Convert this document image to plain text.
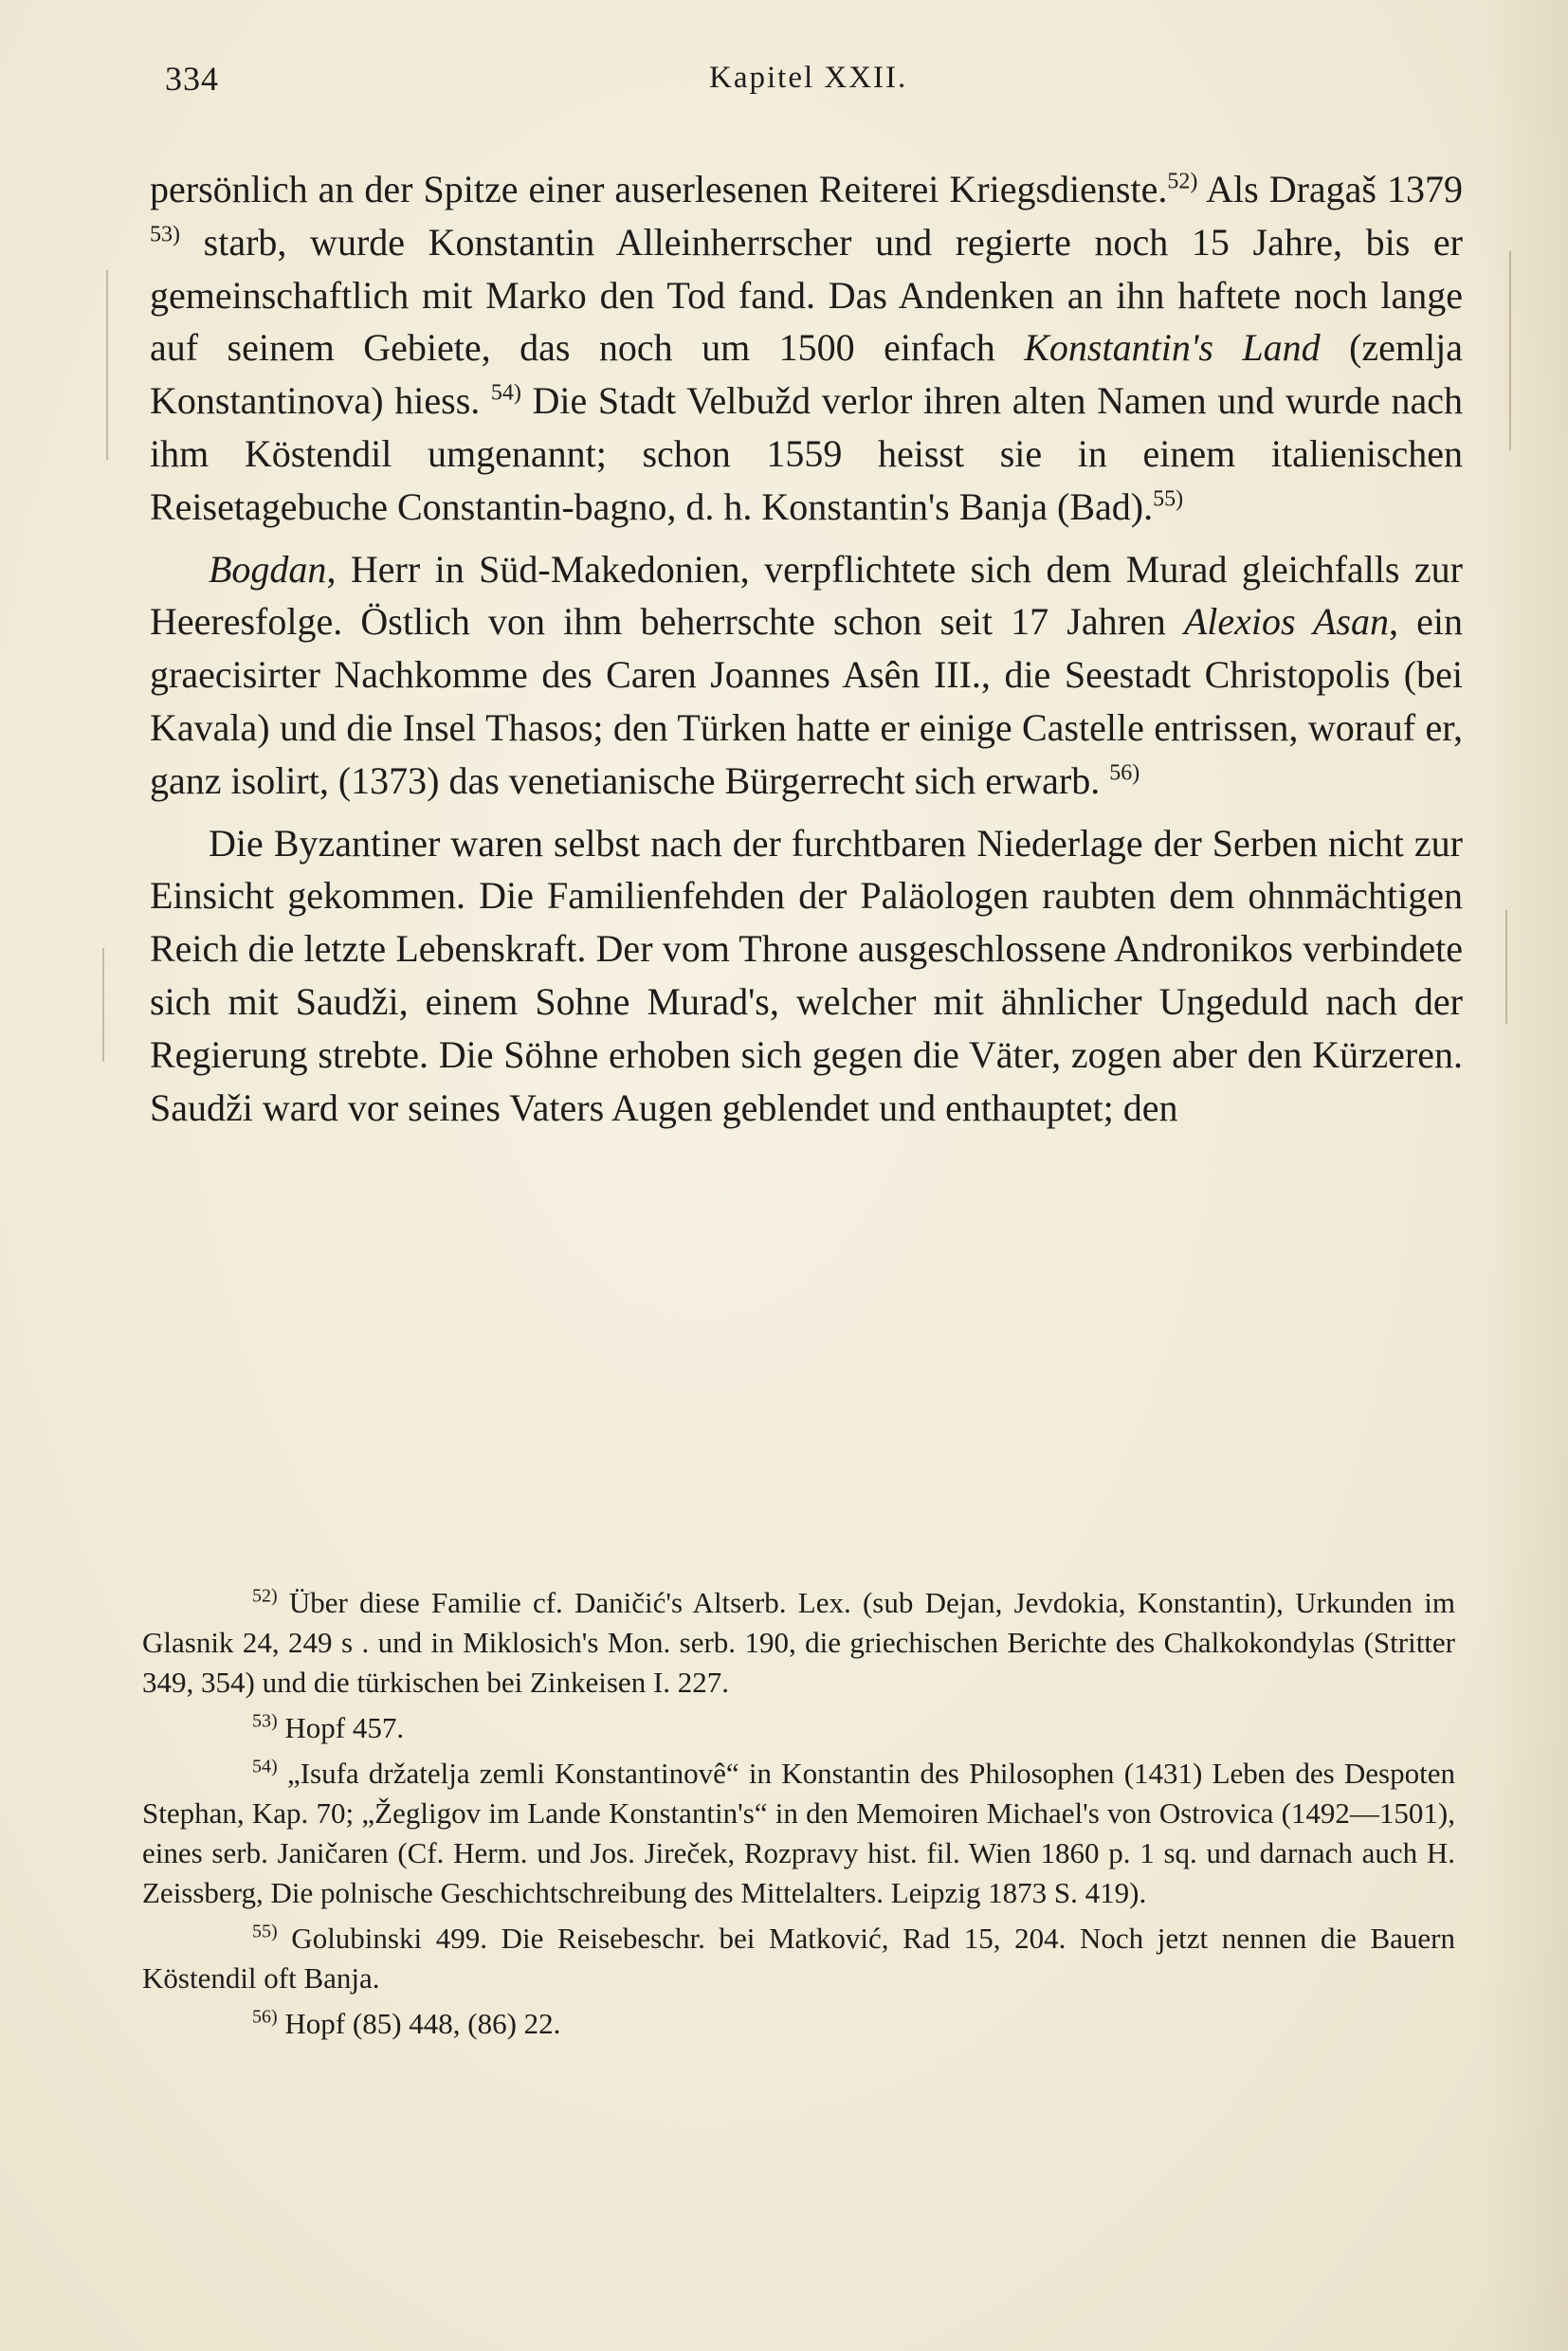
334	Kapitel XXII.

persönlich an der Spitze einer auserlesenen Reiterei Kriegsdienste.$^{52)}$ Als Dragaš 1379 $^{53)}$ starb, wurde Konstantin Alleinherrscher und regierte noch 15 Jahre, bis er gemeinschaftlich mit Marko den Tod fand. Das Andenken an ihn haftete noch lange auf seinem Gebiete, das noch um 1500 einfach Konstantin's Land (zemlja Konstantinova) hiess. $^{54)}$ Die Stadt Velbužd verlor ihren alten Namen und wurde nach ihm Köstendil umgenannt; schon 1559 heisst sie in einem italienischen Reisetagebuche Constantin-bagno, d. h. Konstantin's Banja (Bad).$^{55)}$

Bogdan, Herr in Süd-Makedonien, verpflichtete sich dem Murad gleichfalls zur Heeresfolge. Östlich von ihm beherrschte schon seit 17 Jahren Alexios Asan, ein graecisirter Nachkomme des Caren Joannes Asên III., die Seestadt Christopolis (bei Kavala) und die Insel Thasos; den Türken hatte er einige Castelle entrissen, worauf er, ganz isolirt, (1373) das venetianische Bürgerrecht sich erwarb. $^{56)}$

Die Byzantiner waren selbst nach der furchtbaren Niederlage der Serben nicht zur Einsicht gekommen. Die Familienfehden der Paläologen raubten dem ohnmächtigen Reich die letzte Lebenskraft. Der vom Throne ausgeschlossene Andronikos verbindete sich mit Saudži, einem Sohne Murad's, welcher mit ähnlicher Ungeduld nach der Regierung strebte. Die Söhne erhoben sich gegen die Väter, zogen aber den Kürzeren. Saudži ward vor seines Vaters Augen geblendet und enthauptet; den

$^{52)}$ Über diese Familie cf. Daničić's Altserb. Lex. (sub Dejan, Jevdokia, Konstantin), Urkunden im Glasnik 24, 249 s . und in Miklosich's Mon. serb. 190, die griechischen Berichte des Chalkokondylas (Stritter 349, 354) und die türkischen bei Zinkeisen I. 227.

$^{53)}$ Hopf 457.

$^{54)}$ „Isufa držatelja zemli Konstantinovê“ in Konstantin des Philosophen (1431) Leben des Despoten Stephan, Kap. 70; „Žegligov im Lande Konstantin's“ in den Memoiren Michael's von Ostrovica (1492—1501), eines serb. Janičaren (Cf. Herm. und Jos. Jireček, Rozpravy hist. fil. Wien 1860 p. 1 sq. und darnach auch H. Zeissberg, Die polnische Geschichtschreibung des Mittelalters. Leipzig 1873 S. 419).

$^{55)}$ Golubinski 499. Die Reisebeschr. bei Matković, Rad 15, 204. Noch jetzt nennen die Bauern Köstendil oft Banja.

$^{56)}$ Hopf (85) 448, (86) 22.
